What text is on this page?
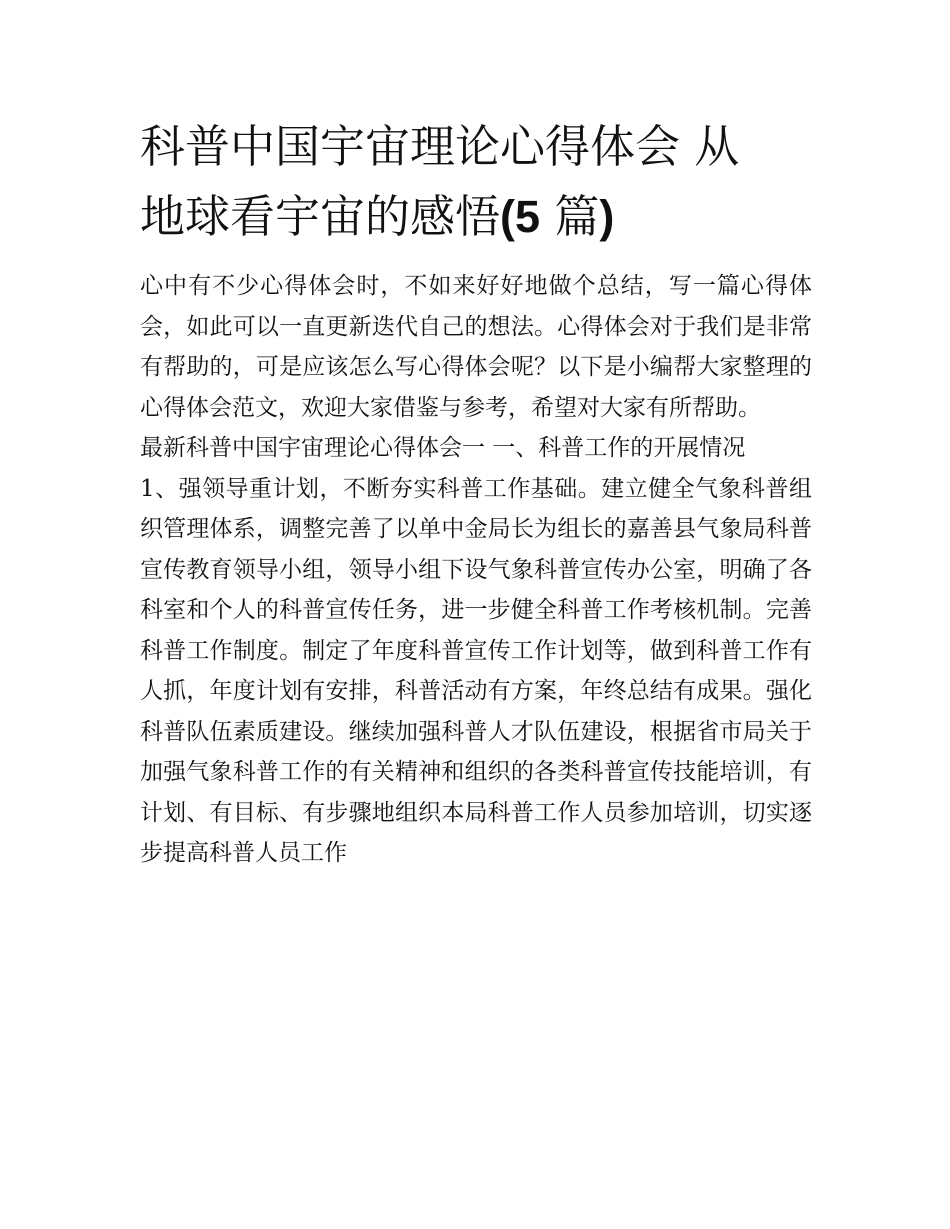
科普中国宇宙理论心得体会 从
地球看宇宙的感悟(5 篇)

心中有不少心得体会时，不如来好好地做个总结，写一篇心得体会，如此可以一直更新迭代自己的想法。心得体会对于我们是非常有帮助的，可是应该怎么写心得体会呢？以下是小编帮大家整理的心得体会范文，欢迎大家借鉴与参考，希望对大家有所帮助。

最新科普中国宇宙理论心得体会一 一、科普工作的开展情况

1、强领导重计划，不断夯实科普工作基础。建立健全气象科普组织管理体系，调整完善了以单中金局长为组长的嘉善县气象局科普宣传教育领导小组，领导小组下设气象科普宣传办公室，明确了各科室和个人的科普宣传任务，进一步健全科普工作考核机制。完善科普工作制度。制定了年度科普宣传工作计划等，做到科普工作有人抓，年度计划有安排，科普活动有方案，年终总结有成果。强化科普队伍素质建设。继续加强科普人才队伍建设，根据省市局关于加强气象科普工作的有关精神和组织的各类科普宣传技能培训，有计划、有目标、有步骤地组织本局科普工作人员参加培训，切实逐步提高科普人员工作
